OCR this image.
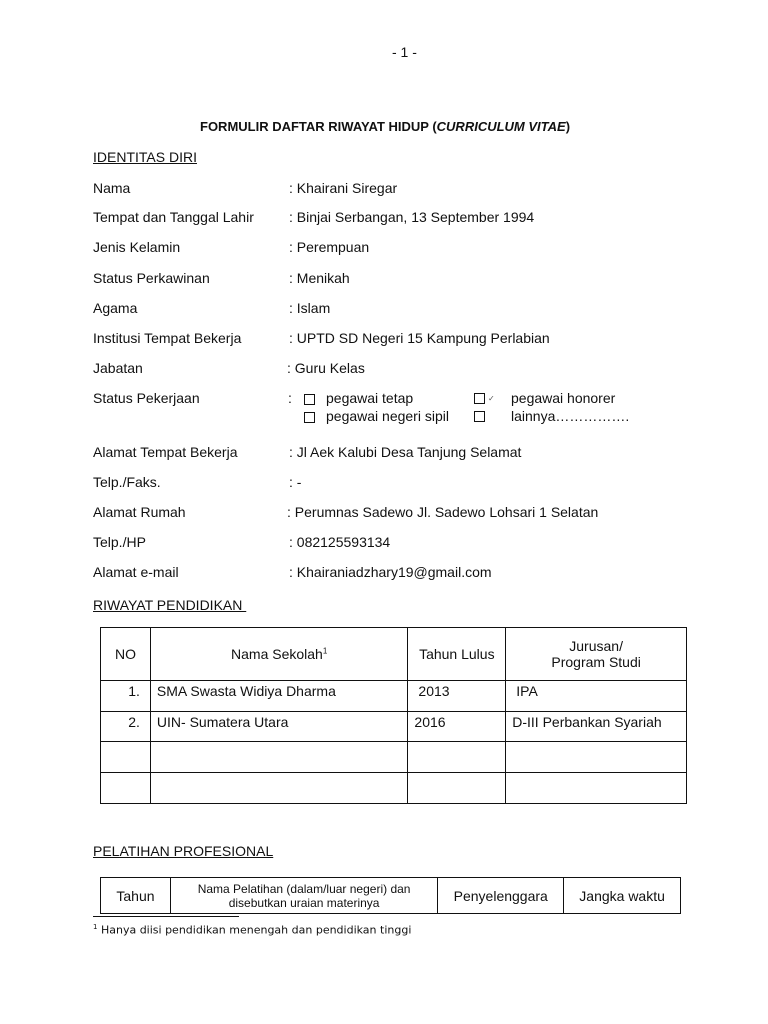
- 1 -
FORMULIR DAFTAR RIWAYAT HIDUP (CURRICULUM VITAE)
IDENTITAS DIRI
Nama	: Khairani Siregar
Tempat dan Tanggal Lahir	: Binjai Serbangan, 13 September 1994
Jenis Kelamin	: Perempuan
Status Perkawinan	: Menikah
Agama	: Islam
Institusi Tempat Bekerja	: UPTD SD Negeri 15 Kampung Perlabian
Jabatan	: Guru Kelas
Status Pekerjaan	: pegawai tetap	✓ pegawai honorer
pegawai negeri sipil	lainnya…………….
Alamat Tempat Bekerja	: Jl Aek Kalubi Desa Tanjung Selamat
Telp./Faks.	: -
Alamat Rumah	: Perumnas Sadewo Jl. Sadewo Lohsari 1 Selatan
Telp./HP	: 082125593134
Alamat e-mail	: Khairaniadzhary19@gmail.com
RIWAYAT PENDIDIKAN
NO	Nama Sekolah$^1$	Tahun Lulus	Jurusan/
Program Studi

1.	SMA Swasta Widiya Dharma	2013	IPA
2.	UIN- Sumatera Utara	2016	D-III Perbankan Syariah

PELATIHAN PROFESIONAL
Tahun	Nama Pelatihan (dalam/luar negeri) dan
disebutkan uraian materinya	Penyelenggara	Jangka waktu
$^1$ Hanya diisi pendidikan menengah dan pendidikan tinggi
